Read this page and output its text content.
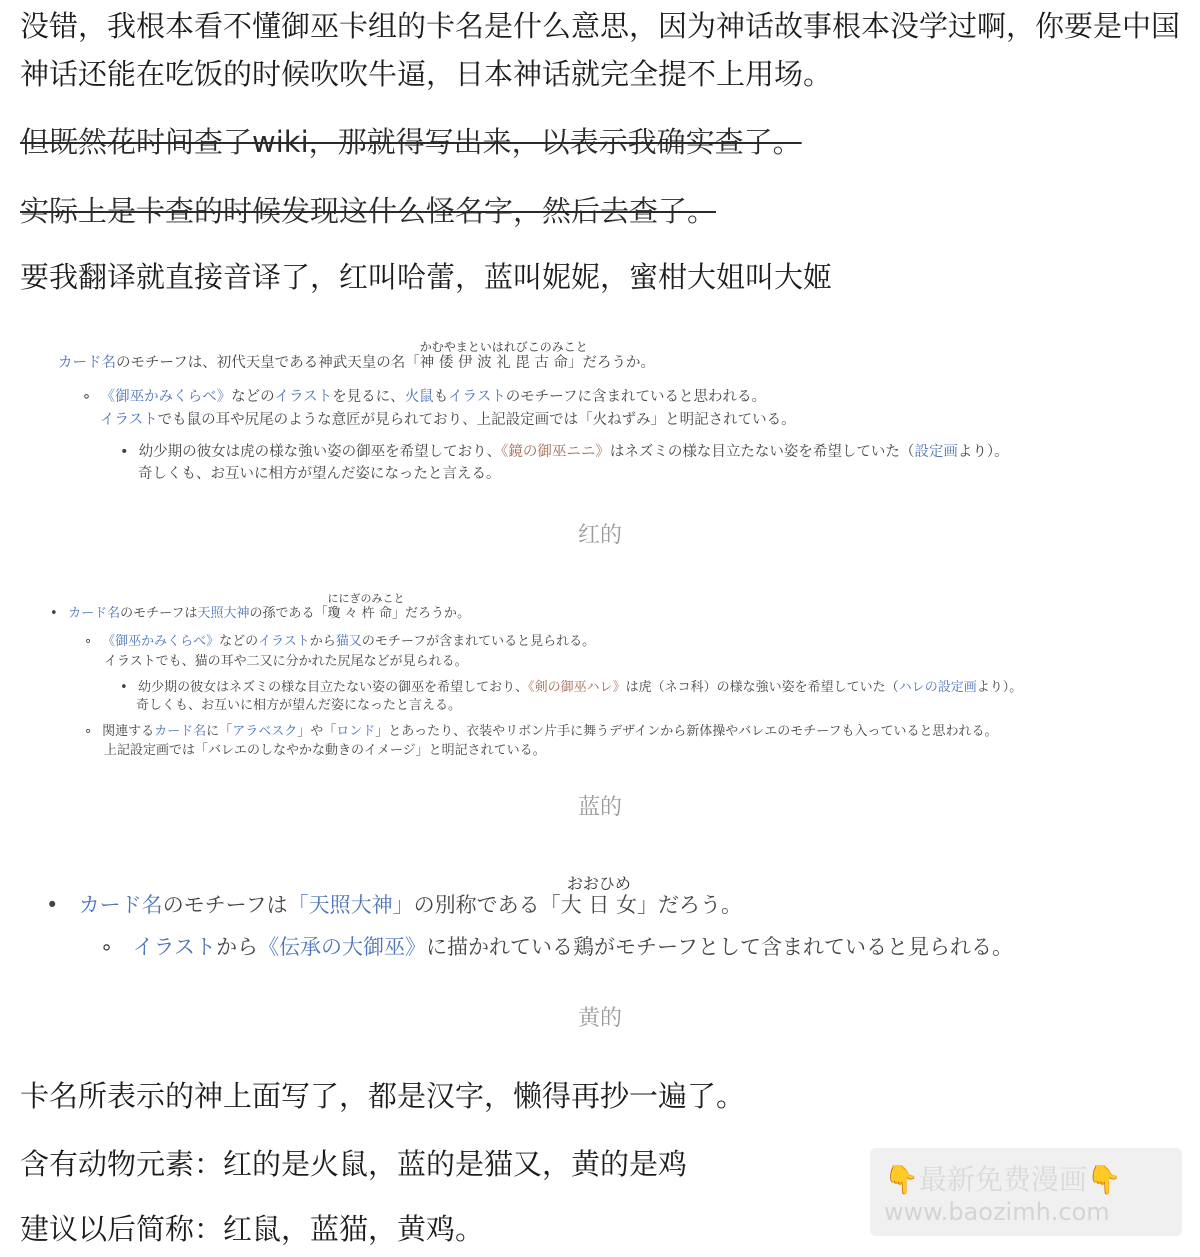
没错，我根本看不懂御巫卡组的卡名是什么意思，因为神话故事根本没学过啊，你要是中国神话还能在吃饭的时候吹吹牛逼，日本神话就完全提不上用场。

但既然花时间查了wiki，那就得写出来，以表示我确实查了。

实际上是卡查的时候发现这什么怪名字，然后去查了。

要我翻译就直接音译了，红叫哈蕾，蓝叫妮妮，蜜柑大姐叫大姬

カード名のモチーフは、初代天皇である神武天皇の名「
かむやまといはれびこのみこと
神 倭 伊 波 礼 毘 古 命」だろうか。
∘ 《御巫かみくらべ》などのイラストを見るに、火鼠もイラストのモチーフに含まれていると思われる。
イラストでも鼠の耳や尻尾のような意匠が見られており、上記設定画では「火ねずみ」と明記されている。
• 幼少期の彼女は虎の様な強い姿の御巫を希望しており、《鏡の御巫ニニ》はネズミの様な目立たない姿を希望していた（設定画より）。
奇しくも、お互いに相方が望んだ姿になったと言える。
红的
• カード名のモチーフは天照大神の孫である「
ににぎのみこと
瓊 々 杵 命」だろうか。
∘ 《御巫かみくらべ》などのイラストから猫又のモチーフが含まれていると見られる。
イラストでも、猫の耳や二又に分かれた尻尾などが見られる。
• 幼少期の彼女はネズミの様な目立たない姿の御巫を希望しており、《剣の御巫ハレ》は虎（ネコ科）の様な強い姿を希望していた（ハレの設定画より）。
奇しくも、お互いに相方が望んだ姿になったと言える。
∘ 関連するカード名に「アラベスク」や「ロンド」とあったり、衣装やリボン片手に舞うデザインから新体操やバレエのモチーフも入っていると思われる。
上記設定画では「バレエのしなやかな動きのイメージ」と明記されている。
蓝的
• カード名のモチーフは「天照大神」の別称である「
おおひめ
大 日 女」だろう。
∘ イラストから《伝承の大御巫》に描かれている鶏がモチーフとして含まれていると見られる。
黄的

卡名所表示的神上面写了，都是汉字，懒得再抄一遍了。

含有动物元素：红的是火鼠，蓝的是猫又，黄的是鸡

建议以后简称：红鼠，蓝猫，黄鸡。

👇最新免费漫画👇
www.baozimh.com
